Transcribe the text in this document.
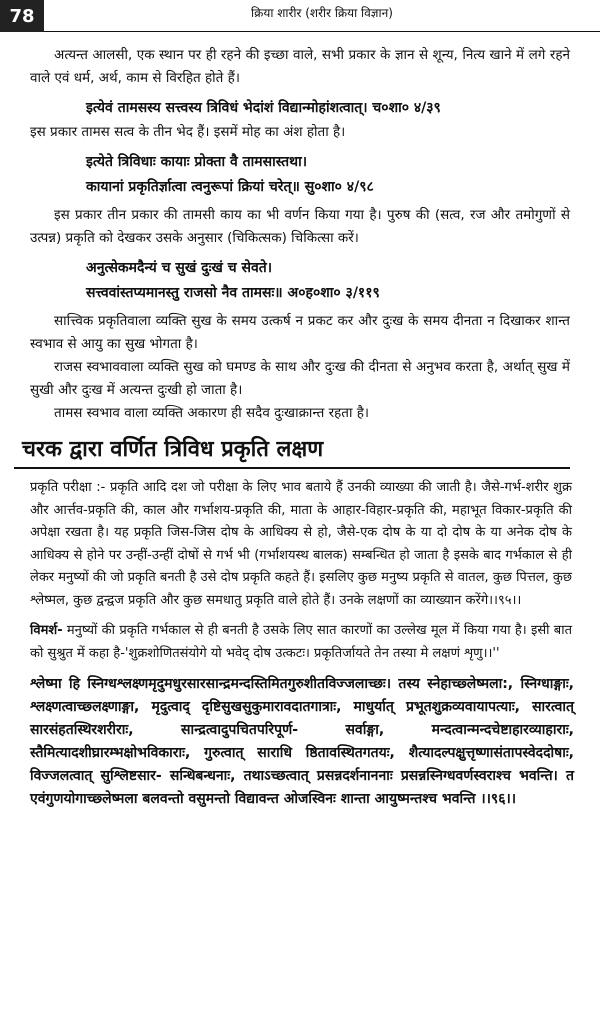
78	क्रिया शारीर (शरीर क्रिया विज्ञान)

अत्यन्त आलसी, एक स्थान पर ही रहने की इच्छा वाले, सभी प्रकार के ज्ञान से शून्य, नित्य खाने में लगे रहने वाले एवं धर्म, अर्थ, काम से विरहित होते हैं।

इत्येवं तामसस्य सत्त्वस्य त्रिविधं भेदांशं विद्यान्मोहांशत्वात्। च०शा० ४/३९

इस प्रकार तामस सत्व के तीन भेद हैं। इसमें मोह का अंश होता है।

इत्येते त्रिविधाः कायाः प्रोक्ता वै तामसास्तथा।
कायानां प्रकृतिर्ज्ञात्वा त्वनुरूपां क्रियां चरेत्॥ सु०शा० ४/९८

इस प्रकार तीन प्रकार की तामसी काय का भी वर्णन किया गया है। पुरुष की (सत्व, रज और तमोगुणों से उत्पन्न) प्रकृति को देखकर उसके अनुसार (चिकित्सक) चिकित्सा करें।

अनुत्सेकमदैन्यं च सुखं दुःखं च सेवते।
सत्त्ववांस्तप्यमानस्तु राजसो नैव तामसः॥ अ०ह०शा० ३/११९

सात्त्विक प्रकृतिवाला व्यक्ति सुख के समय उत्कर्ष न प्रकट कर और दुःख के समय दीनता न दिखाकर शान्त स्वभाव से आयु का सुख भोगता है।

राजस स्वभाववाला व्यक्ति सुख को घमण्ड के साथ और दुःख की दीनता से अनुभव करता है, अर्थात् सुख में सुखी और दुःख में अत्यन्त दुःखी हो जाता है।

तामस स्वभाव वाला व्यक्ति अकारण ही सदैव दुःखाक्रान्त रहता है।

चरक द्वारा वर्णित त्रिविध प्रकृति लक्षण

प्रकृति परीक्षा :- प्रकृति आदि दश जो परीक्षा के लिए भाव बताये हैं उनकी व्याख्या की जाती है। जैसे-गर्भ-शरीर शुक्र और आर्त्तव-प्रकृति की, काल और गर्भाशय-प्रकृति की, माता के आहार-विहार-प्रकृति की, महाभूत विकार-प्रकृति की अपेक्षा रखता है। यह प्रकृति जिस-जिस दोष के आधिक्य से हो, जैसे-एक दोष के या दो दोष के या अनेक दोष के आधिक्य से होने पर उन्हीं-उन्हीं दोषों से गर्भ भी (गर्भाशयस्थ बालक) सम्बन्धित हो जाता है इसके बाद गर्भकाल से ही लेकर मनुष्यों की जो प्रकृति बनती है उसे दोष प्रकृति कहते हैं। इसलिए कुछ मनुष्य प्रकृति से वातल, कुछ पित्तल, कुछ श्लेष्मल, कुछ द्वन्द्वज प्रकृति और कुछ समधातु प्रकृति वाले होते हैं। उनके लक्षणों का व्याख्यान करेंगे।।९५।।

विमर्श- मनुष्यों की प्रकृति गर्भकाल से ही बनती है उसके लिए सात कारणों का उल्लेख मूल में किया गया है। इसी बात को सुश्रुत में कहा है-'शुक्रशोणितसंयोगे यो भवेद् दोष उत्कटः। प्रकृतिर्जायते तेन तस्या मे लक्षणं शृणु।।''

श्लेष्मा हि स्निग्धश्लक्ष्णमृदुमधुरसारसान्द्रमन्दस्तिमितगुरुशीतविज्जलाच्छः। तस्य स्नेहाच्छ्लेष्मला:, स्निग्धाङ्गाः, श्लक्ष्णत्वाच्छ्लक्ष्णाङ्गा, मृदुत्वाद् दृष्टिसुखसुकुमारावदातगात्राः, माधुर्यात् प्रभूतशुक्रव्यवायापत्याः, सारत्वात् सारसंहतस्थिरशरीराः, सान्द्रत्वादुपचितपरिपूर्ण- सर्वाङ्गा, मन्दत्वान्मन्दचेष्टाहारव्याहाराः, स्तैमित्यादशीघ्रारम्भक्षोभविकाराः, गुरुत्वात् साराधि ष्ठितावस्थितगतयः, शैत्यादल्पक्षुत्तृष्णासंतापस्वेददोषाः, विज्जलत्वात् सुश्लिष्टसार- सन्धिबन्धनाः, तथाऽच्छत्वात् प्रसन्नदर्शनाननाः प्रसन्नस्निग्धवर्णस्वराश्च भवन्ति। त एवंगुणयोगाच्छ्लेष्मला बलवन्तो वसुमन्तो विद्यावन्त ओजस्विनः शान्ता आयुष्मन्तश्च भवन्ति ।।९६।।
